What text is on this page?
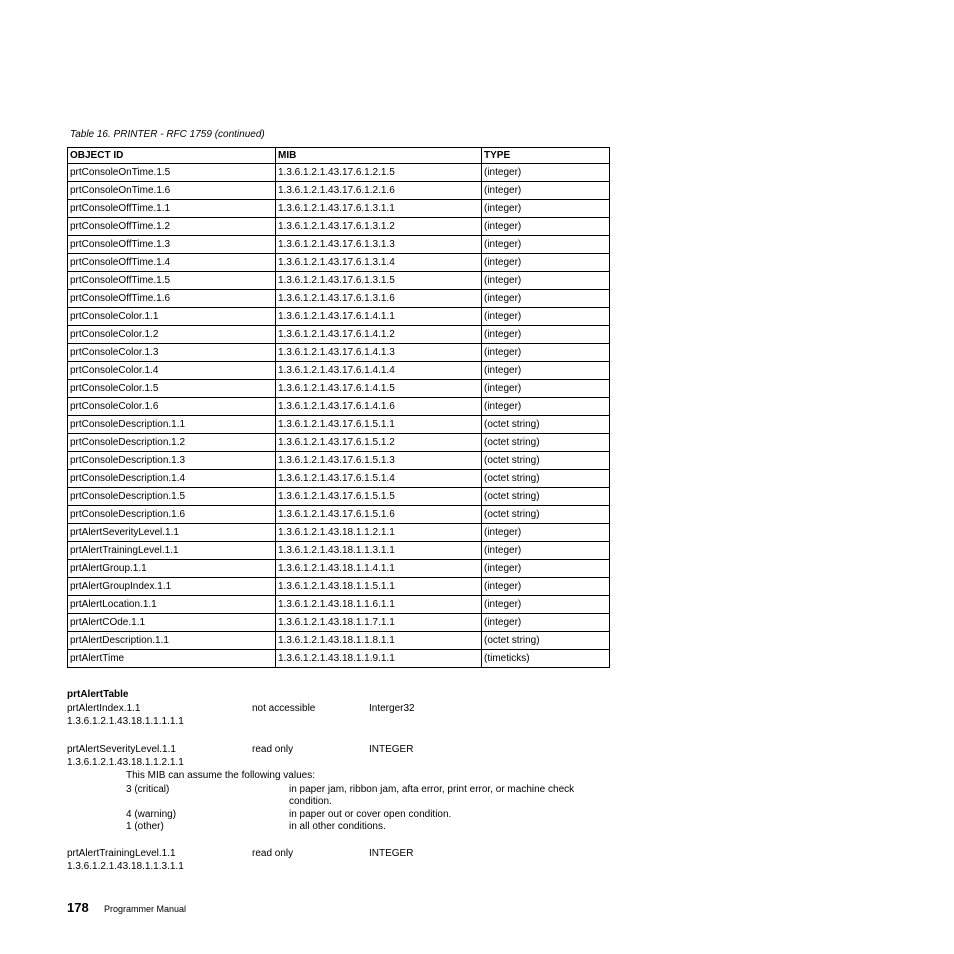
Table 16. PRINTER - RFC 1759 (continued)
OBJECT ID	MIB	TYPE
prtConsoleOnTime.1.5	1.3.6.1.2.1.43.17.6.1.2.1.5	(integer)
prtConsoleOnTime.1.6	1.3.6.1.2.1.43.17.6.1.2.1.6	(integer)
prtConsoleOffTime.1.1	1.3.6.1.2.1.43.17.6.1.3.1.1	(integer)
prtConsoleOffTime.1.2	1.3.6.1.2.1.43.17.6.1.3.1.2	(integer)
prtConsoleOffTime.1.3	1.3.6.1.2.1.43.17.6.1.3.1.3	(integer)
prtConsoleOffTime.1.4	1.3.6.1.2.1.43.17.6.1.3.1.4	(integer)
prtConsoleOffTime.1.5	1.3.6.1.2.1.43.17.6.1.3.1.5	(integer)
prtConsoleOffTime.1.6	1.3.6.1.2.1.43.17.6.1.3.1.6	(integer)
prtConsoleColor.1.1	1.3.6.1.2.1.43.17.6.1.4.1.1	(integer)
prtConsoleColor.1.2	1.3.6.1.2.1.43.17.6.1.4.1.2	(integer)
prtConsoleColor.1.3	1.3.6.1.2.1.43.17.6.1.4.1.3	(integer)
prtConsoleColor.1.4	1.3.6.1.2.1.43.17.6.1.4.1.4	(integer)
prtConsoleColor.1.5	1.3.6.1.2.1.43.17.6.1.4.1.5	(integer)
prtConsoleColor.1.6	1.3.6.1.2.1.43.17.6.1.4.1.6	(integer)
prtConsoleDescription.1.1	1.3.6.1.2.1.43.17.6.1.5.1.1	(octet string)
prtConsoleDescription.1.2	1.3.6.1.2.1.43.17.6.1.5.1.2	(octet string)
prtConsoleDescription.1.3	1.3.6.1.2.1.43.17.6.1.5.1.3	(octet string)
prtConsoleDescription.1.4	1.3.6.1.2.1.43.17.6.1.5.1.4	(octet string)
prtConsoleDescription.1.5	1.3.6.1.2.1.43.17.6.1.5.1.5	(octet string)
prtConsoleDescription.1.6	1.3.6.1.2.1.43.17.6.1.5.1.6	(octet string)
prtAlertSeverityLevel.1.1	1.3.6.1.2.1.43.18.1.1.2.1.1	(integer)
prtAlertTrainingLevel.1.1	1.3.6.1.2.1.43.18.1.1.3.1.1	(integer)
prtAlertGroup.1.1	1.3.6.1.2.1.43.18.1.1.4.1.1	(integer)
prtAlertGroupIndex.1.1	1.3.6.1.2.1.43.18.1.1.5.1.1	(integer)
prtAlertLocation.1.1	1.3.6.1.2.1.43.18.1.1.6.1.1	(integer)
prtAlertCOde.1.1	1.3.6.1.2.1.43.18.1.1.7.1.1	(integer)
prtAlertDescription.1.1	1.3.6.1.2.1.43.18.1.1.8.1.1	(octet string)
prtAlertTime	1.3.6.1.2.1.43.18.1.1.9.1.1	(timeticks)
prtAlertTable
prtAlertIndex.1.1	not accessible	Interger32
1.3.6.1.2.1.43.18.1.1.1.1.1
prtAlertSeverityLevel.1.1	read only	INTEGER
1.3.6.1.2.1.43.18.1.1.2.1.1
This MIB can assume the following values:
3 (critical)	in paper jam, ribbon jam, afta error, print error, or machine check
condition.
4 (warning)	in paper out or cover open condition.
1 (other)	in all other conditions.
prtAlertTrainingLevel.1.1	read only	INTEGER
1.3.6.1.2.1.43.18.1.1.3.1.1
178 Programmer Manual
